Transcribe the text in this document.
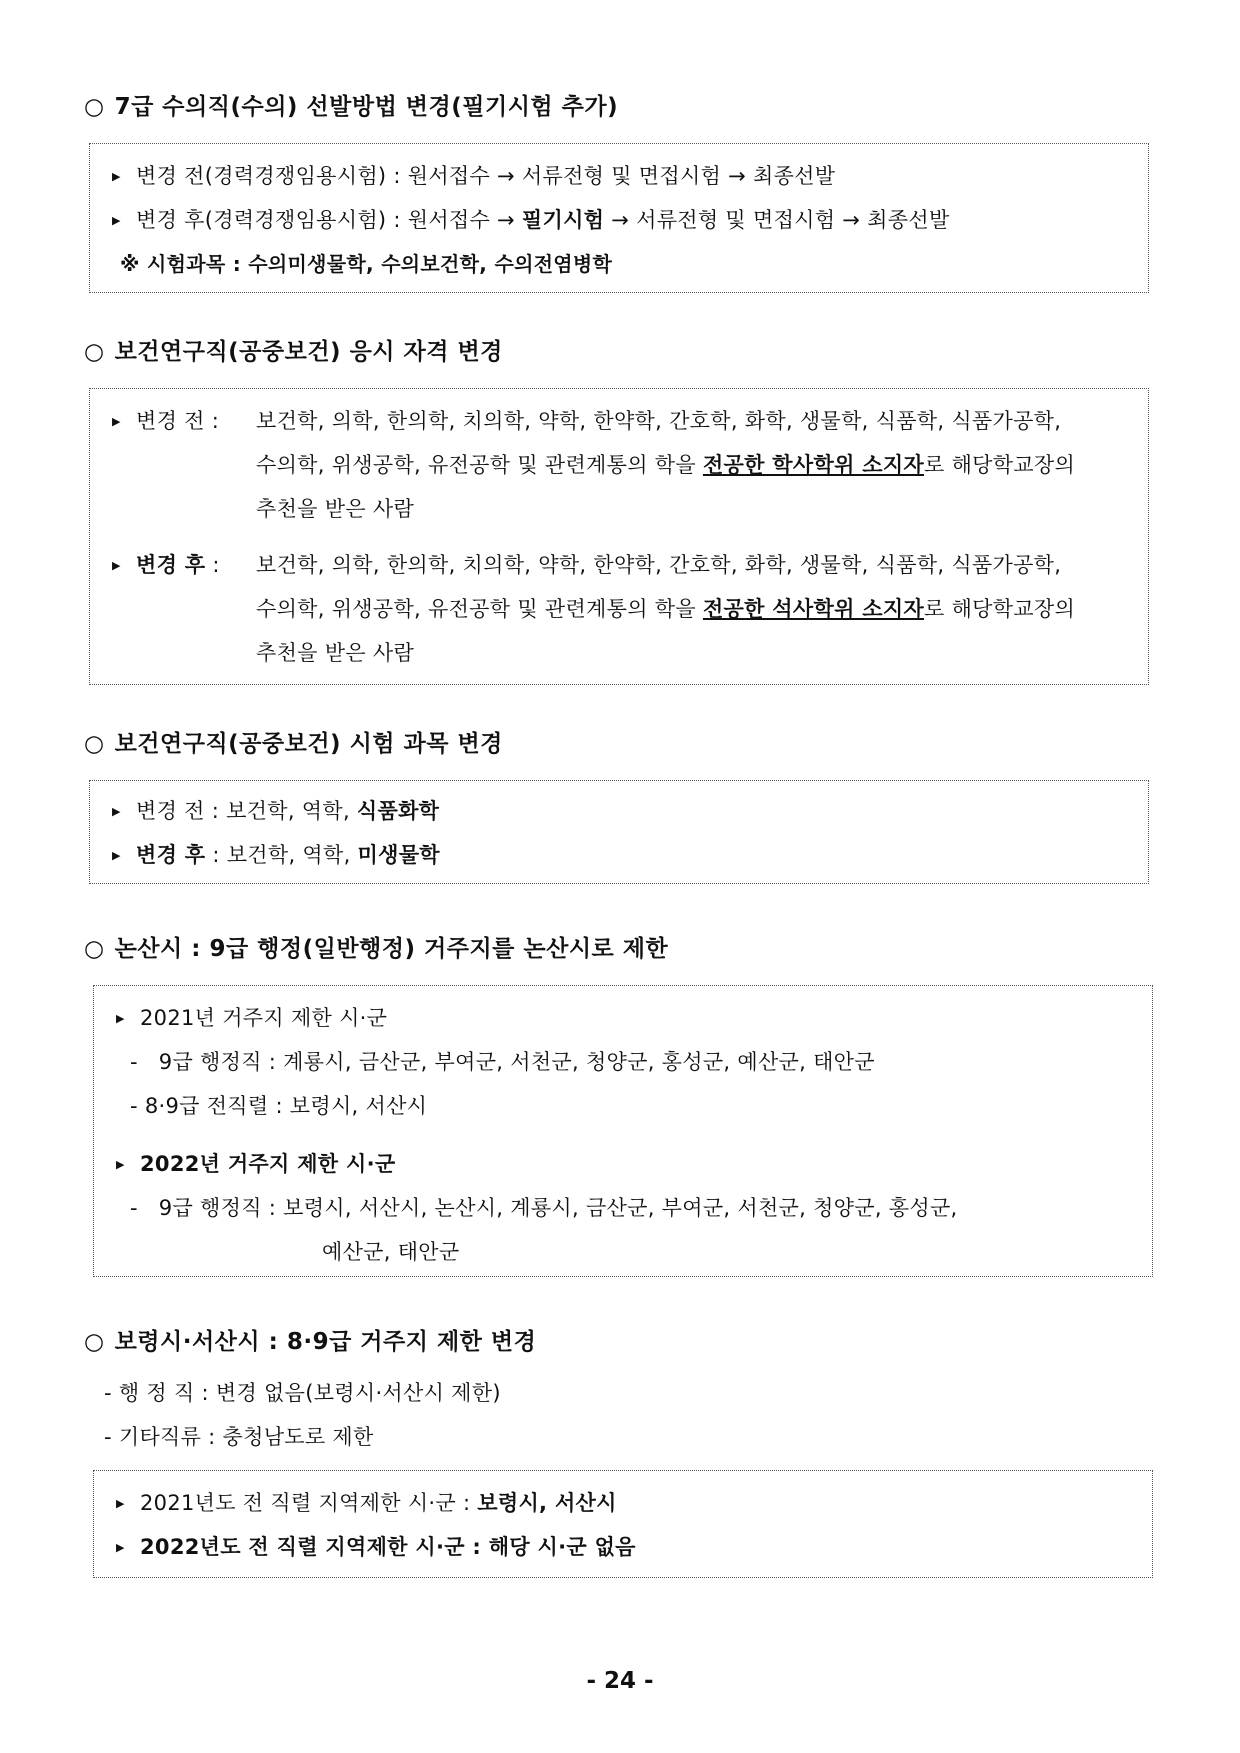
○ 7급 수의직(수의) 선발방법 변경(필기시험 추가)
▶ 변경 전(경력경쟁임용시험) : 원서접수 → 서류전형 및 면접시험 → 최종선발
▶ 변경 후(경력경쟁임용시험) : 원서접수 → 필기시험 → 서류전형 및 면접시험 → 최종선발
※ 시험과목 : 수의미생물학, 수의보건학, 수의전염병학
○ 보건연구직(공중보건) 응시 자격 변경
▶ 변경 전 : 보건학, 의학, 한의학, 치의학, 약학, 한약학, 간호학, 화학, 생물학, 식품학, 식품가공학,
수의학, 위생공학, 유전공학 및 관련계통의 학을 전공한 학사학위 소지자로 해당학교장의
추천을 받은 사람
▶ 변경 후 : 보건학, 의학, 한의학, 치의학, 약학, 한약학, 간호학, 화학, 생물학, 식품학, 식품가공학,
수의학, 위생공학, 유전공학 및 관련계통의 학을 전공한 석사학위 소지자로 해당학교장의
추천을 받은 사람
○ 보건연구직(공중보건) 시험 과목 변경
▶ 변경 전 : 보건학, 역학, 식품화학
▶ 변경 후 : 보건학, 역학, 미생물학
○ 논산시 : 9급 행정(일반행정) 거주지를 논산시로 제한
▶ 2021년 거주지 제한 시·군
-   9급 행정직 : 계룡시, 금산군, 부여군, 서천군, 청양군, 홍성군, 예산군, 태안군
- 8·9급 전직렬 : 보령시, 서산시
▶ 2022년 거주지 제한 시·군
-   9급 행정직 : 보령시, 서산시, 논산시, 계룡시, 금산군, 부여군, 서천군, 청양군, 홍성군,
예산군, 태안군
○ 보령시·서산시 : 8·9급 거주지 제한 변경
- 행 정 직 : 변경 없음(보령시·서산시 제한)
- 기타직류 : 충청남도로 제한
▶ 2021년도 전 직렬 지역제한 시·군 : 보령시, 서산시
▶ 2022년도 전 직렬 지역제한 시·군 : 해당 시·군 없음
- 24 -
